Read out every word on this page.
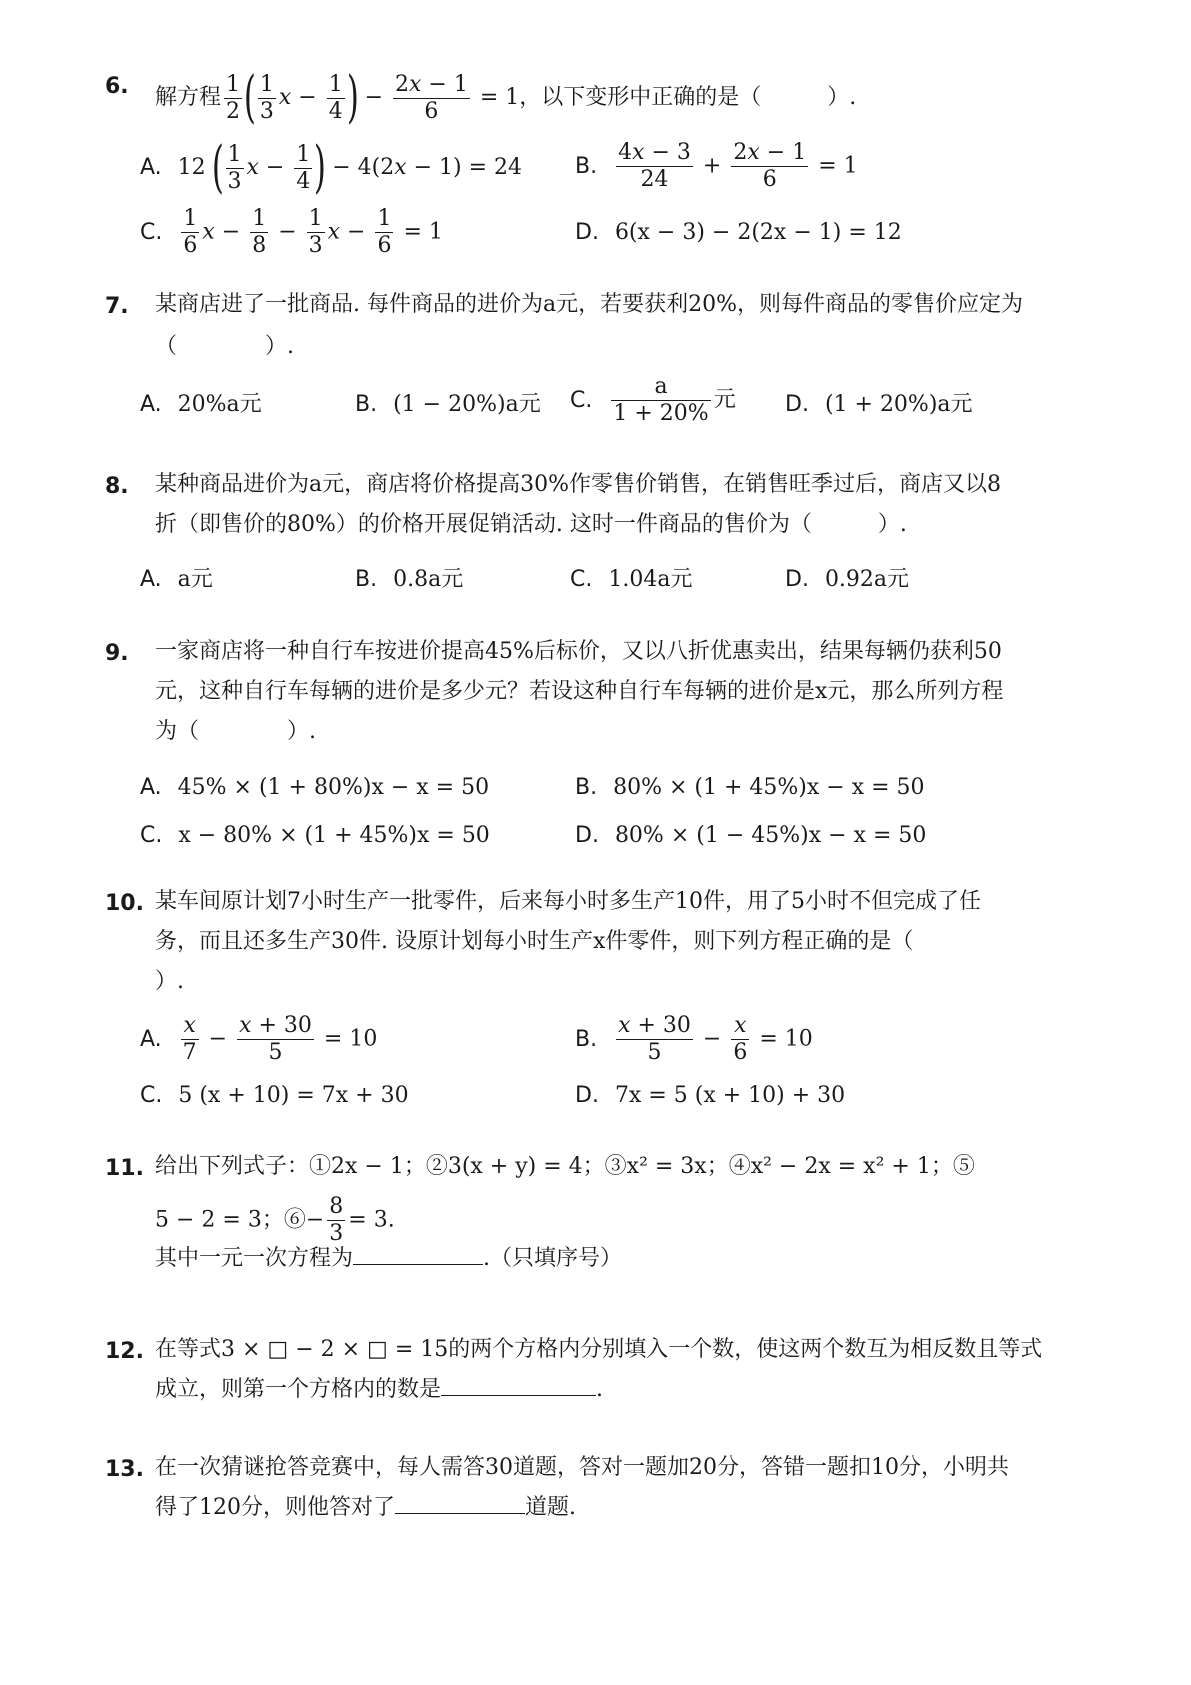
6. 解方程 $\frac{1}{2}$ ( $\frac{1}{3}$ $x - \frac{1}{4}$ ) − $\frac{2x - 1}{6} = 1$，以下变形中正确的是（　　　）.
A. 12 ( $\frac{1}{3}$ $x - \frac{1}{4}$ ) − 4(2x − 1) = 24 B. $\frac{4x - 3}{24} + \frac{2x - 1}{6} = 1$
C. $\frac{1}{6}$ $x - \frac{1}{8} - \frac{1}{3}$ $x - \frac{1}{6} = 1$	D. 6(x − 3) − 2(2x − 1) = 12
7. 某商店进了一批商品. 每件商品的进价为a元，若要获利20%，则每件商品的零售价应定为
（　　　　）.
A. 20%a元	B. (1 − 20%)a元 C. $\frac{a}{1 + 20\%}$ 元 D. (1 + 20%)a元
8. 某种商品进价为a元，商店将价格提高30%作零售价销售，在销售旺季过后，商店又以8
折（即售价的80%）的价格开展促销活动. 这时一件商品的售价为（　　　）.
A. a元	B. 0.8a元	C. 1.04a元	D. 0.92a元
9. 一家商店将一种自行车按进价提高45%后标价，又以八折优惠卖出，结果每辆仍获利50
元，这种自行车每辆的进价是多少元？若设这种自行车每辆的进价是x元，那么所列方程
为（　　　　）.
A. 45% × (1 + 80%)x − x = 50	B. 80% × (1 + 45%)x − x = 50
C. x − 80% × (1 + 45%)x = 50	D. 80% × (1 − 45%)x − x = 50
10. 某车间原计划7小时生产一批零件，后来每小时多生产10件，用了5小时不但完成了任
务，而且还多生产30件. 设原计划每小时生产x件零件，则下列方程正确的是（
）.
A. $\frac{x}{7} - \frac{x + 30}{5} = 10$	B. $\frac{x + 30}{5} - \frac{x}{6} = 10$
C. 5 (x + 10) = 7x + 30	D. 7x = 5 (x + 10) + 30
11. 给出下列式子：①2x − 1；②3(x + y) = 4；③x² = 3x；④x² − 2x = x² + 1；⑤
5 − 2 = 3；⑥− $\frac{8}{3} = 3$.
其中一元一次方程为	.（只填序号）
12. 在等式3 × □ − 2 × □ = 15的两个方格内分别填入一个数，使这两个数互为相反数且等式
成立，则第一个方格内的数是	.
13. 在一次猜谜抢答竞赛中，每人需答30道题，答对一题加20分，答错一题扣10分，小明共
得了120分，则他答对了	道题.
